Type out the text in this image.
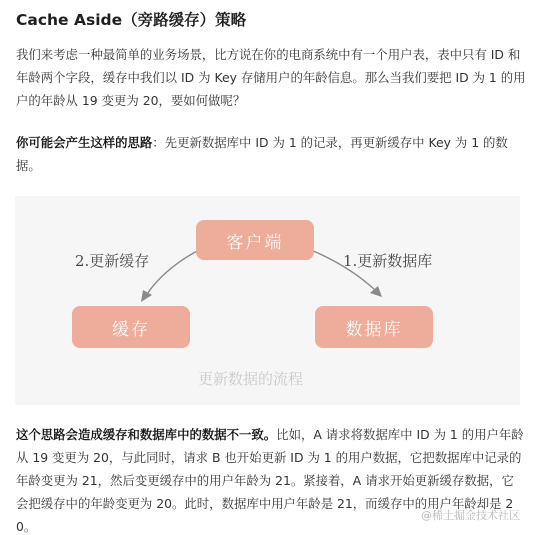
Cache Aside（旁路缓存）策略

我们来考虑一种最简单的业务场景，比方说在你的电商系统中有一个用户表，表中只有 ID 和年龄两个字段，缓存中我们以 ID 为 Key 存储用户的年龄信息。那么当我们要把 ID 为 1 的用户的年龄从 19 变更为 20，要如何做呢？

你可能会产生这样的思路：先更新数据库中 ID 为 1 的记录，再更新缓存中 Key 为 1 的数据。

客户端
缓存	数据库
2.更新缓存	1.更新数据库
更新数据的流程

这个思路会造成缓存和数据库中的数据不一致。比如，A 请求将数据库中 ID 为 1 的用户年龄从 19 变更为 20，与此同时，请求 B 也开始更新 ID 为 1 的用户数据，它把数据库中记录的年龄变更为 21，然后变更缓存中的用户年龄为 21。紧接着，A 请求开始更新缓存数据，它会把缓存中的年龄变更为 20。此时，数据库中用户年龄是 21，而缓存中的用户年龄却是 20。

@稀土掘金技术社区
